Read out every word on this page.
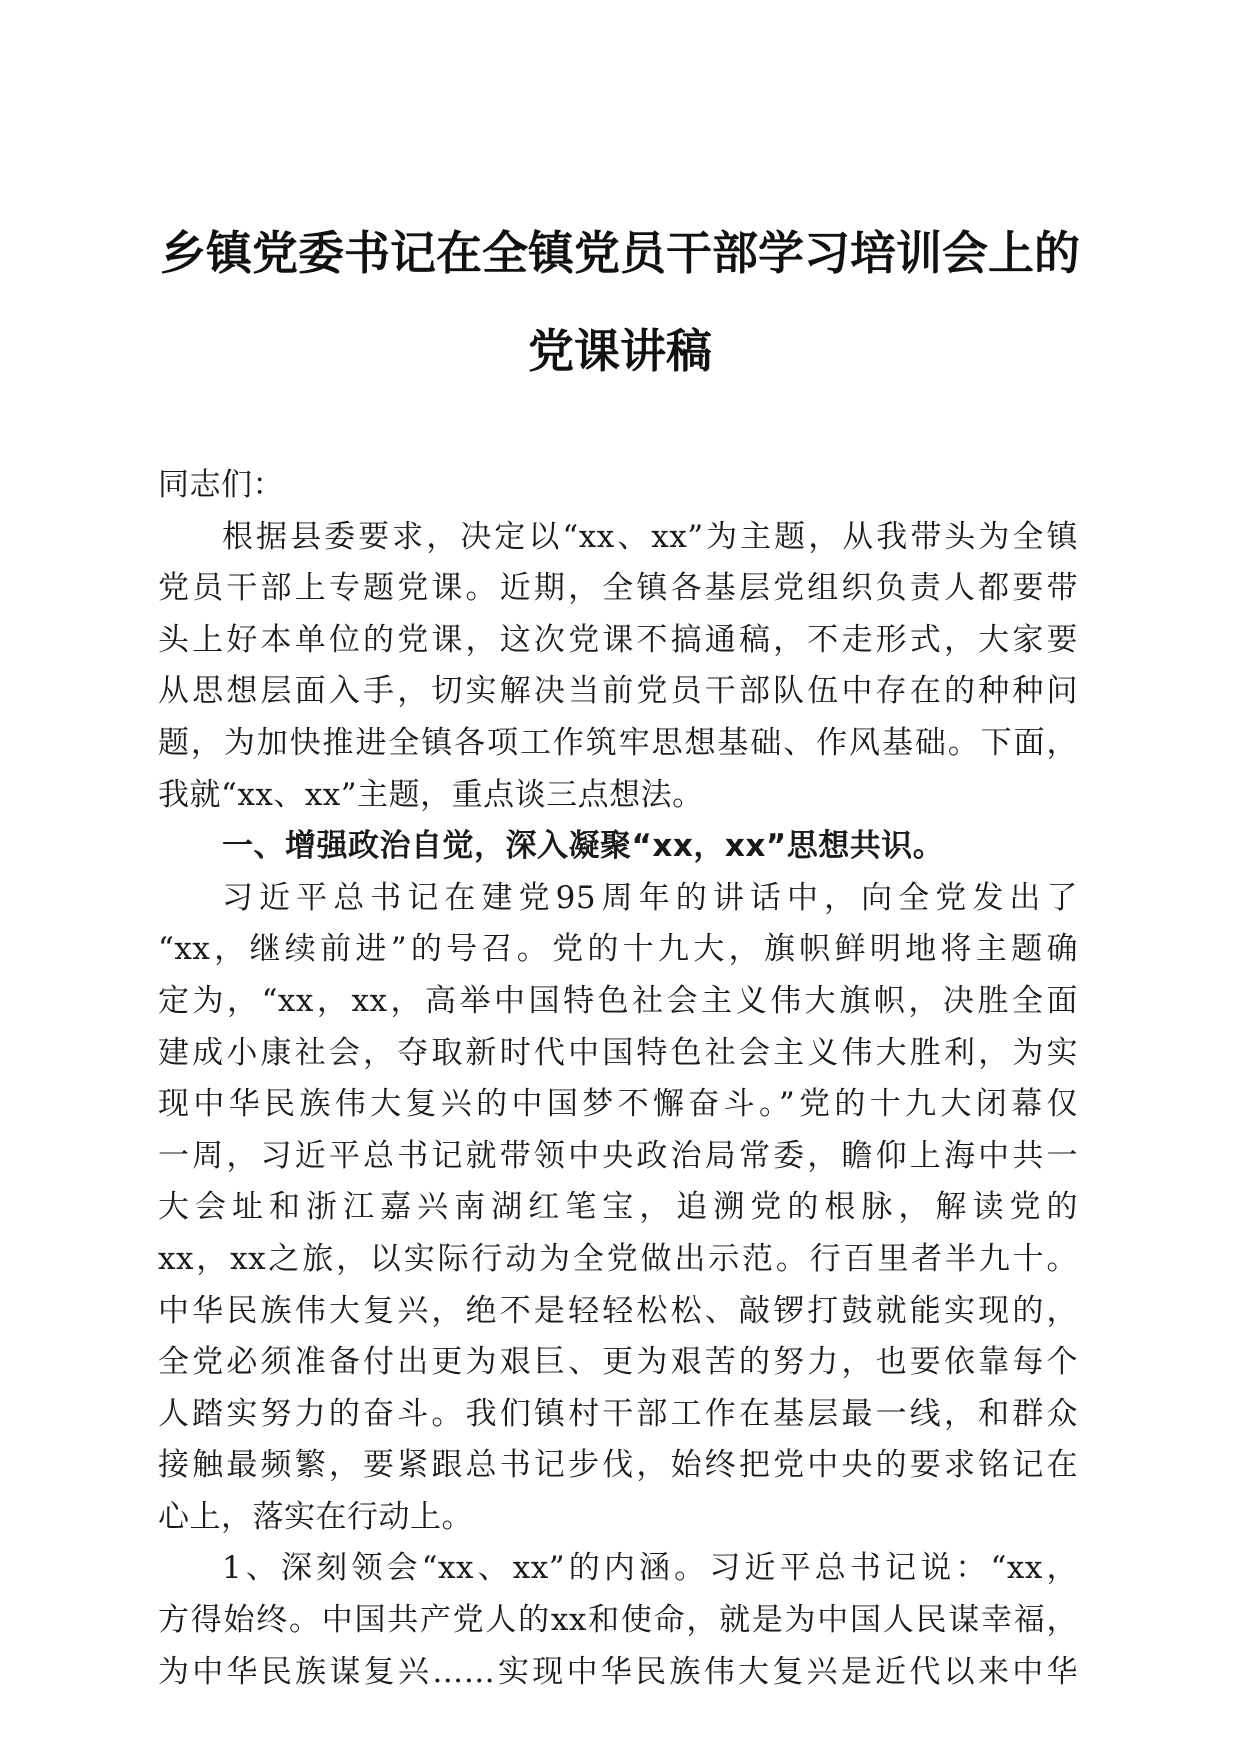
乡镇党委书记在全镇党员干部学习培训会上的
党课讲稿
同志们：
根据县委要求，决定以“xx、xx”为主题，从我带头为全镇
党员干部上专题党课。近期，全镇各基层党组织负责人都要带
头上好本单位的党课，这次党课不搞通稿，不走形式，大家要
从思想层面入手，切实解决当前党员干部队伍中存在的种种问
题，为加快推进全镇各项工作筑牢思想基础、作风基础。下面，
我就“xx、xx”主题，重点谈三点想法。
一、增强政治自觉，深入凝聚“xx，xx”思想共识。
习近平总书记在建党95周年的讲话中，向全党发出了
“xx，继续前进”的号召。党的十九大，旗帜鲜明地将主题确
定为，“xx，xx，高举中国特色社会主义伟大旗帜，决胜全面
建成小康社会，夺取新时代中国特色社会主义伟大胜利，为实
现中华民族伟大复兴的中国梦不懈奋斗。”党的十九大闭幕仅
一周，习近平总书记就带领中央政治局常委，瞻仰上海中共一
大会址和浙江嘉兴南湖红笔宝，追溯党的根脉，解读党的
xx，xx之旅，以实际行动为全党做出示范。行百里者半九十。
中华民族伟大复兴，绝不是轻轻松松、敲锣打鼓就能实现的，
全党必须准备付出更为艰巨、更为艰苦的努力，也要依靠每个
人踏实努力的奋斗。我们镇村干部工作在基层最一线，和群众
接触最频繁，要紧跟总书记步伐，始终把党中央的要求铭记在
心上，落实在行动上。
1、深刻领会“xx、xx”的内涵。习近平总书记说：“xx，
方得始终。中国共产党人的xx和使命，就是为中国人民谋幸福，
为中华民族谋复兴……实现中华民族伟大复兴是近代以来中华
